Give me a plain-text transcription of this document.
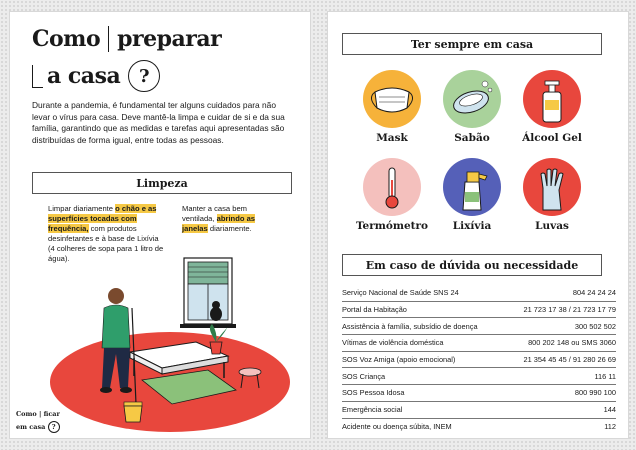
Como preparar
a casa	?
Durante a pandemia, é fundamental ter alguns cuidados para não levar o vírus para casa. Deve mantê-la limpa e cuidar de si e da sua família, garantindo que as medidas e tarefas aqui apresentadas são distribuídas de forma igual, entre todas as pessoas.
Limpeza
Limpar diariamente o chão e as superfícies tocadas com frequência, com produtos desinfetantes e à base de Lixívia (4 colheres de sopa para 1 litro de água).
Manter a casa bem ventilada, abrindo as janelas diariamente.
Como | ficar
em casa ?
Ter sempre em casa
Mask	Sabão	Álcool Gel
Termómetro	Lixívia	Luvas
Em caso de dúvida ou necessidade
Serviço Nacional de Saúde SNS 24	804 24 24 24
Portal da Habitação	21 723 17 38 / 21 723 17 79
Assistência à família, subsídio de doença	300 502 502
Vítimas de violência doméstica	800 202 148 ou SMS 3060
SOS Voz Amiga (apoio emocional)	21 354 45 45 / 91 280 26 69
SOS Criança	116 11
SOS Pessoa Idosa	800 990 100
Emergência social	144
Acidente ou doença súbita, INEM	112
